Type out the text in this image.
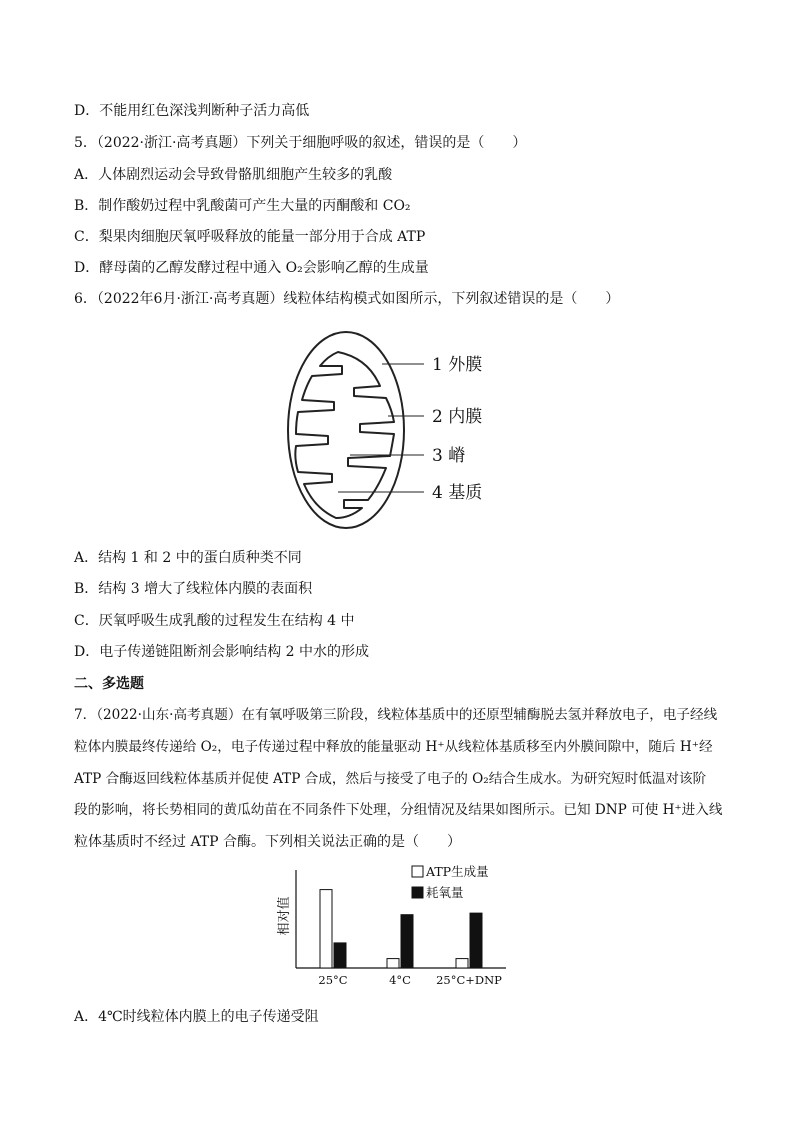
D．不能用红色深浅判断种子活力高低
5．（2022·浙江·高考真题）下列关于细胞呼吸的叙述，错误的是（　　）
A．人体剧烈运动会导致骨骼肌细胞产生较多的乳酸
B．制作酸奶过程中乳酸菌可产生大量的丙酮酸和 CO₂
C．梨果肉细胞厌氧呼吸释放的能量一部分用于合成 ATP
D．酵母菌的乙醇发酵过程中通入 O₂会影响乙醇的生成量
6．（2022年6月·浙江·高考真题）线粒体结构模式如图所示，下列叙述错误的是（　　）
1 外膜
2 内膜
3 嵴
4 基质
A．结构 1 和 2 中的蛋白质种类不同
B．结构 3 增大了线粒体内膜的表面积
C．厌氧呼吸生成乳酸的过程发生在结构 4 中
D．电子传递链阻断剂会影响结构 2 中水的形成
二、多选题
7．（2022·山东·高考真题）在有氧呼吸第三阶段，线粒体基质中的还原型辅酶脱去氢并释放电子，电子经线
粒体内膜最终传递给 O₂，电子传递过程中释放的能量驱动 H⁺从线粒体基质移至内外膜间隙中，随后 H⁺经
ATP 合酶返回线粒体基质并促使 ATP 合成，然后与接受了电子的 O₂结合生成水。为研究短时低温对该阶
段的影响，将长势相同的黄瓜幼苗在不同条件下处理，分组情况及结果如图所示。已知 DNP 可使 H⁺进入线
粒体基质时不经过 ATP 合酶。下列相关说法正确的是（　　）
相对值
ATP生成量
耗氧量
25°C	4°C 25°C+DNP
A．4℃时线粒体内膜上的电子传递受阻
